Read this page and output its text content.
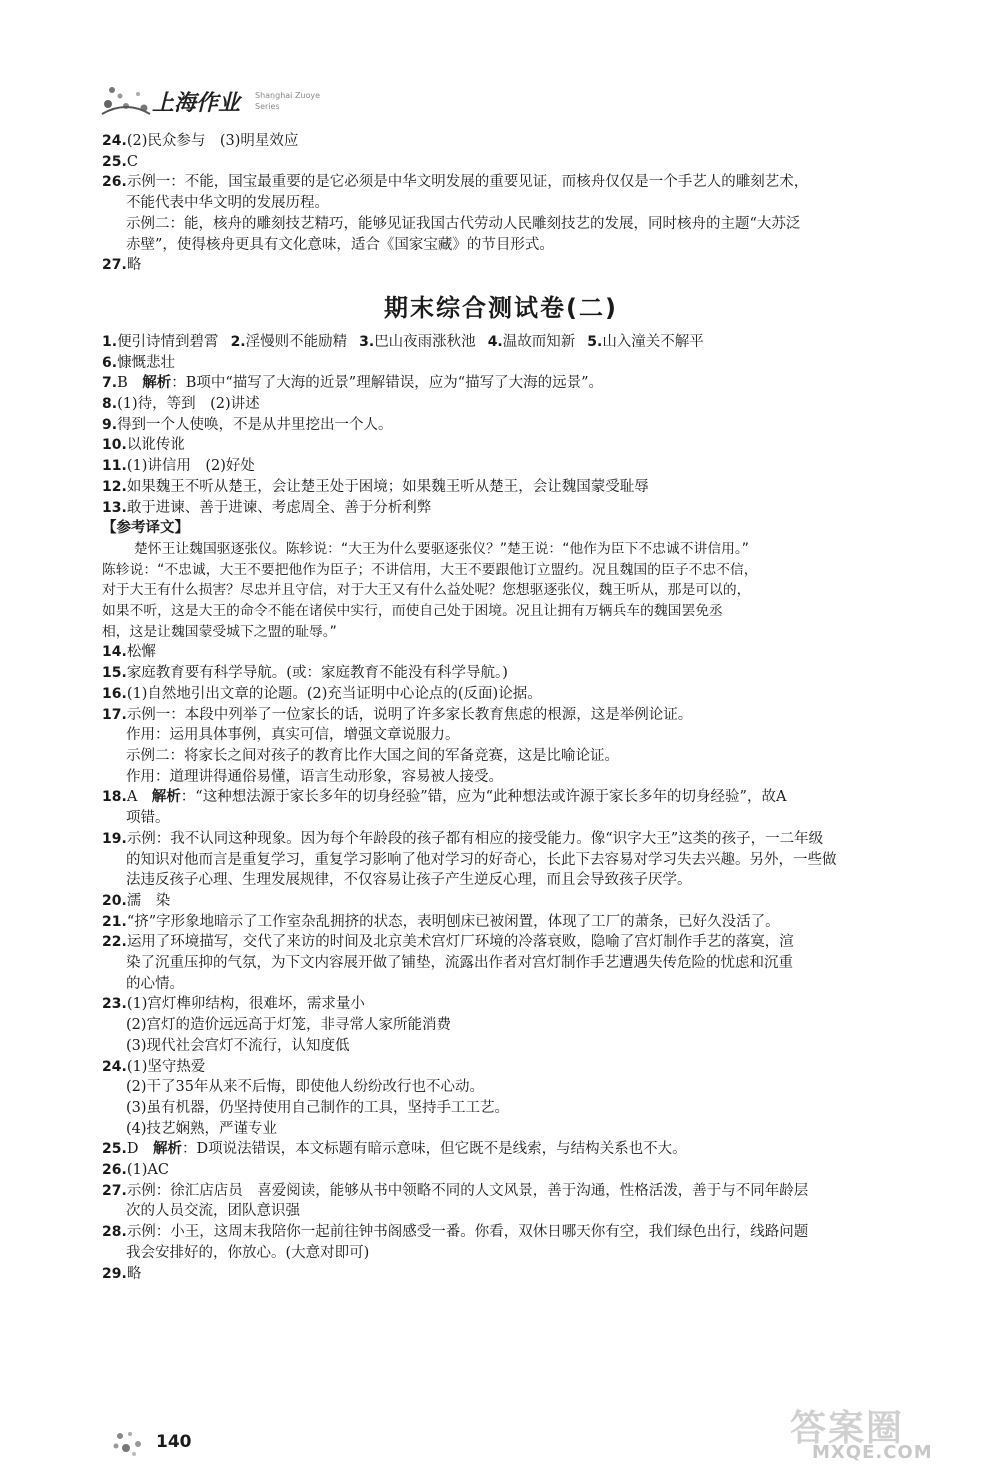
上海作业 Shanghai Zuoye
Series
24.(2)民众参与　(3)明星效应
25.C
26.示例一：不能，国宝最重要的是它必须是中华文明发展的重要见证，而核舟仅仅是一个手艺人的雕刻艺术，
不能代表中华文明的发展历程。
示例二：能，核舟的雕刻技艺精巧，能够见证我国古代劳动人民雕刻技艺的发展，同时核舟的主题“大苏泛
赤壁”，使得核舟更具有文化意味，适合《国家宝藏》的节目形式。
27.略
期末综合测试卷(二)
1.便引诗情到碧霄 2.淫慢则不能励精 3.巴山夜雨涨秋池 4.温故而知新 5.山入潼关不解平
6.慷慨悲壮
7.B　 解析：B项中“描写了大海的近景”理解错误，应为“描写了大海的远景”。
8.(1)待，等到　(2)讲述
9.得到一个人使唤，不是从井里挖出一个人。
10.以讹传讹
11.(1)讲信用　(2)好处
12.如果魏王不听从楚王，会让楚王处于困境；如果魏王听从楚王，会让魏国蒙受耻辱
13.敢于进谏、善于进谏、考虑周全、善于分析利弊
【参考译文】
楚怀王让魏国驱逐张仪。陈轸说：“大王为什么要驱逐张仪？”楚王说：“他作为臣下不忠诚不讲信用。”
陈轸说：“不忠诚，大王不要把他作为臣子；不讲信用，大王不要跟他订立盟约。况且魏国的臣子不忠不信，
对于大王有什么损害？尽忠并且守信，对于大王又有什么益处呢？您想驱逐张仪，魏王听从，那是可以的，
如果不听，这是大王的命令不能在诸侯中实行，而使自己处于困境。况且让拥有万辆兵车的魏国罢免丞
相，这是让魏国蒙受城下之盟的耻辱。”
14.松懈
15.家庭教育要有科学导航。(或：家庭教育不能没有科学导航。)
16.(1)自然地引出文章的论题。(2)充当证明中心论点的(反面)论据。
17.示例一：本段中列举了一位家长的话，说明了许多家长教育焦虑的根源，这是举例论证。
作用：运用具体事例，真实可信，增强文章说服力。
示例二：将家长之间对孩子的教育比作大国之间的军备竞赛，这是比喻论证。
作用：道理讲得通俗易懂，语言生动形象，容易被人接受。
18.A　 解析：“这种想法源于家长多年的切身经验”错，应为“此种想法或许源于家长多年的切身经验”，故A
项错。
19.示例：我不认同这种现象。因为每个年龄段的孩子都有相应的接受能力。像“识字大王”这类的孩子，一二年级
的知识对他而言是重复学习，重复学习影响了他对学习的好奇心，长此下去容易对学习失去兴趣。另外，一些做
法违反孩子心理、生理发展规律，不仅容易让孩子产生逆反心理，而且会导致孩子厌学。
20.濡　染
21.“挤”字形象地暗示了工作室杂乱拥挤的状态，表明刨床已被闲置，体现了工厂的萧条，已好久没活了。
22.运用了环境描写，交代了来访的时间及北京美术宫灯厂环境的冷落衰败，隐喻了宫灯制作手艺的落寞，渲
染了沉重压抑的气氛，为下文内容展开做了铺垫，流露出作者对宫灯制作手艺遭遇失传危险的忧虑和沉重
的心情。
23.(1)宫灯榫卯结构，很难坏，需求量小
(2)宫灯的造价远远高于灯笼，非寻常人家所能消费
(3)现代社会宫灯不流行，认知度低
24.(1)坚守热爱
(2)干了35年从来不后悔，即使他人纷纷改行也不心动。
(3)虽有机器，仍坚持使用自己制作的工具，坚持手工工艺。
(4)技艺娴熟，严谨专业
25.D　 解析：D项说法错误，本文标题有暗示意味，但它既不是线索，与结构关系也不大。
26.(1)AC
27.示例：徐汇店店员　喜爱阅读，能够从书中领略不同的人文风景，善于沟通，性格活泼，善于与不同年龄层
次的人员交流，团队意识强
28.示例：小王，这周末我陪你一起前往钟书阁感受一番。你看，双休日哪天你有空，我们绿色出行，线路问题
我会安排好的，你放心。(大意对即可)
29.略
140	答案圈
MXQE.COM
